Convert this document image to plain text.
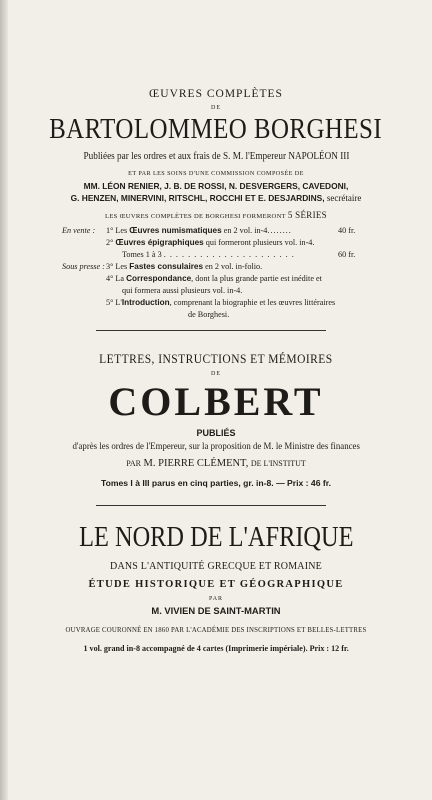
ŒUVRES COMPLÈTES
DE
BARTOLOMMEO BORGHESI
Publiées par les ordres et aux frais de S. M. l'Empereur NAPOLÉON III
ET PAR LES SOINS D'UNE COMMISSION COMPOSÉE DE
MM. LÉON RENIER, J. B. DE ROSSI, N. DESVERGERS, CAVEDONI,
G. HENZEN, MINERVINI, RITSCHL, ROCCHI ET E. DESJARDINS, secrétaire
LES ŒUVRES COMPLÈTES DE BORGHESI FORMERONT 5 SÉRIES
En vente : 1° Les Œuvres numismatiques en 2 vol. in-4........	40 fr.
2° Œuvres épigraphiques qui formeront plusieurs vol. in-4.
Tomes 1 à 3 . . . . . . . . . . . . . . . . . . . . . .	60 fr.
Sous presse : 3° Les Fastes consulaires en 2 vol. in-folio.
4° La Correspondance, dont la plus grande partie est inédite et
qui formera aussi plusieurs vol. in-4.
5° L'Introduction, comprenant la biographie et les œuvres littéraires
de Borghesi.
LETTRES, INSTRUCTIONS ET MÉMOIRES
DE
COLBERT
PUBLIÉS
d'après les ordres de l'Empereur, sur la proposition de M. le Ministre des finances
PAR M. PIERRE CLÉMENT, DE L'INSTITUT
Tomes I à III parus en cinq parties, gr. in-8. — Prix : 46 fr.
LE NORD DE L'AFRIQUE
DANS L'ANTIQUITÉ GRECQUE ET ROMAINE
ÉTUDE HISTORIQUE ET GÉOGRAPHIQUE
PAR
M. VIVIEN DE SAINT-MARTIN
OUVRAGE COURONNÉ EN 1860 PAR L'ACADÉMIE DES INSCRIPTIONS ET BELLES-LETTRES
1 vol. grand in-8 accompagné de 4 cartes (Imprimerie impériale). Prix : 12 fr.
